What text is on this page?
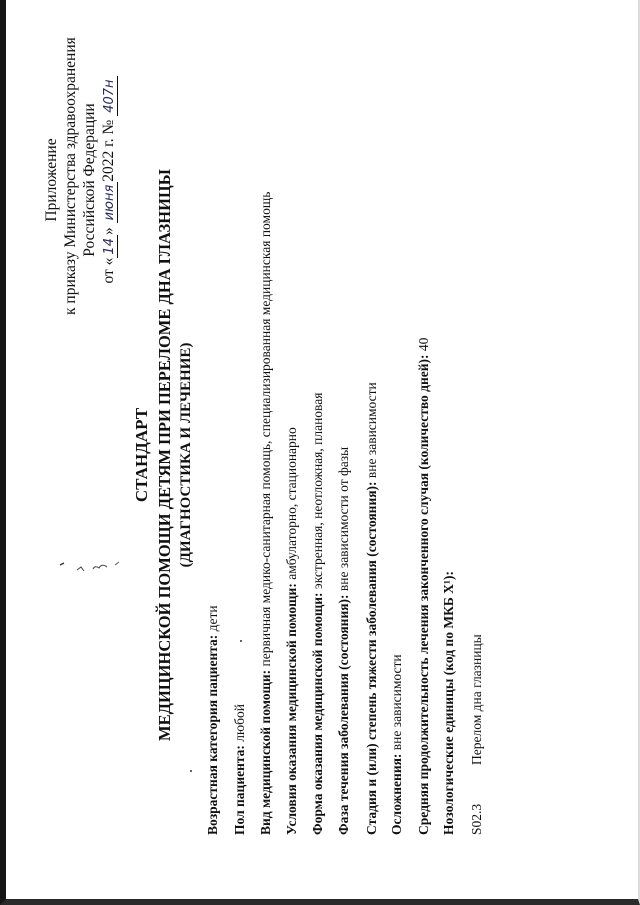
Приложение
к приказу Министерства здравоохранения Российской Федерации
от «14» июня2022 г. № 407н
СТАНДАРТ МЕДИЦИНСКОЙ ПОМОЩИ ДЕТЯМ ПРИ ПЕРЕЛОМЕ ДНА ГЛАЗНИЦЫ (ДИАГНОСТИКА И ЛЕЧЕНИЕ)
Возрастная категория пациента: дети
Пол пациента: любой Вид медицинской помощи: первичная медико-санитарная помощь, специализированная медицинская помощь
Условия оказания медицинской помощи: амбулаторно, стационарно
Форма оказания медицинской помощи: экстренная, неотложная, плановая
Фаза течения заболевания (состояния): вне зависимости от фазы Стадия и (или) степень тяжести заболевания (состояния): вне зависимости
Осложнения: вне зависимости Средняя продолжительность лечения законченного случая (количество дней): 40
Нозологические единицы (код по МКБ X¹): S02.3
Перелом дна глазницы
